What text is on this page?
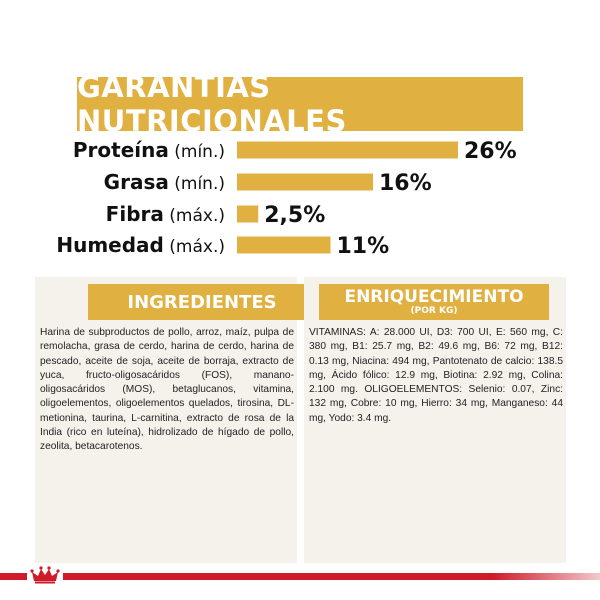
GARANTÍAS NUTRICIONALES
Proteína (mín.)	26%
Grasa (mín.)	16%
Fibra (máx.) 2,5%
Humedad (máx.)	11%
INGREDIENTES
Harina de subproductos de pollo, arroz, maíz, pulpa de remolacha, grasa de cerdo, harina de cerdo, harina de pescado, aceite de soja, aceite de borraja, extracto de yuca, fructo-oligosacáridos (FOS), manano-oligosacáridos (MOS), betaglucanos, vitamina, oligoelementos, oligoelementos quelados, tirosina, DL-metionina, taurina, L-carnitina, extracto de rosa de la India (rico en luteína), hidrolizado de hígado de pollo, zeolita, betacarotenos.
ENRIQUECIMIENTO
(POR KG)
VITAMINAS: A: 28.000 UI, D3: 700 UI, E: 560 mg, C: 380 mg, B1: 25.7 mg, B2: 49.6 mg, B6: 72 mg, B12: 0.13 mg, Niacina: 494 mg, Pantotenato de calcio: 138.5 mg, Ácido fólico: 12.9 mg, Biotina: 2.92 mg, Colina: 2.100 mg. OLIGOELEMENTOS: Selenio: 0.07, Zinc: 132 mg, Cobre: 10 mg, Hierro: 34 mg, Manganeso: 44 mg, Yodo: 3.4 mg.
